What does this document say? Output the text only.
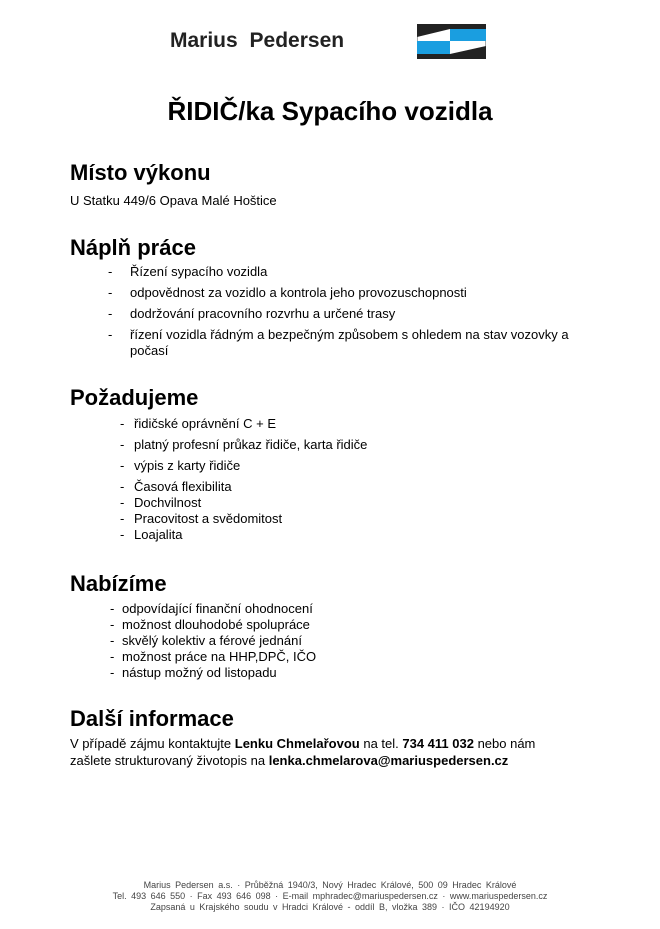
Marius Pedersen
ŘIDIČ/ka Sypacího vozidla
Místo výkonu
U Statku 449/6 Opava Malé Hoštice
Náplň práce
- Řízení sypacího vozidla
- odpovědnost za vozidlo a kontrola jeho provozuschopnosti
- dodržování pracovního rozvrhu a určené trasy
- řízení vozidla řádným a bezpečným způsobem s ohledem na stav vozovky a počasí
Požadujeme
- řidičské oprávnění C + E
- platný profesní průkaz řidiče, karta řidiče
- výpis z karty řidiče
- Časová flexibilita
- Dochvilnost
- Pracovitost a svědomitost
- Loajalita
Nabízíme
- odpovídající finanční ohodnocení
- možnost dlouhodobé spolupráce
- skvělý kolektiv a férové jednání
- možnost práce na HHP,DPČ, IČO
- nástup možný od listopadu
Další informace
V případě zájmu kontaktujte Lenku Chmelařovou na tel. 734 411 032 nebo nám zašlete strukturovaný životopis na lenka.chmelarova@mariuspedersen.cz
Marius Pedersen a.s. · Průběžná 1940/3, Nový Hradec Králové, 500 09 Hradec Králové
Tel. 493 646 550 · Fax 493 646 098 · E-mail mphradec@mariuspedersen.cz · www.mariuspedersen.cz
Zapsaná u Krajského soudu v Hradci Králové - oddíl B, vložka 389 · IČO 42194920
